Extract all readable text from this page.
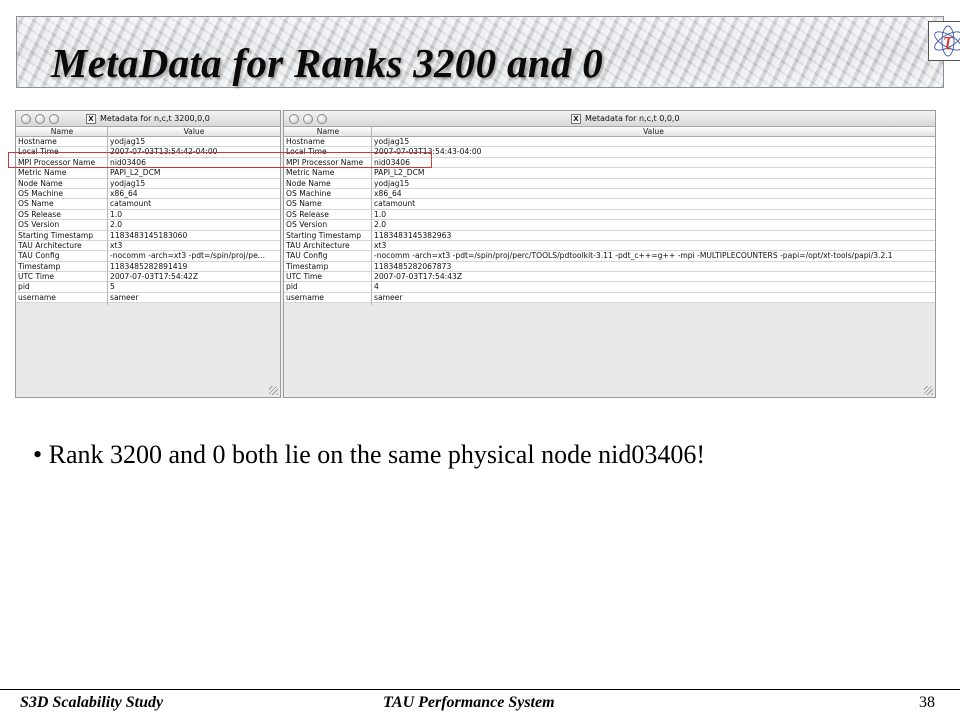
MetaData for Ranks 3200 and 0	τ
X Metadata for n,c,t 3200,0,0
Name	Value
Hostname	yodjag15
Local Time	2007-07-03T13:54:42-04:00
MPI Processor Name	nid03406
Metric Name	PAPI_L2_DCM
Node Name	yodjag15
OS Machine	x86_64
OS Name	catamount
OS Release	1.0
OS Version	2.0
Starting Timestamp	1183483145183060
TAU Architecture	xt3
TAU Config	-nocomm -arch=xt3 -pdt=/spin/proj/pe...
Timestamp	1183485282891419
UTC Time	2007-07-03T17:54:42Z
pid	5
username	sameer
X Metadata for n,c,t 0,0,0
Name	Value
Hostname	yodjag15
Local Time	2007-07-03T13:54:43-04:00
MPI Processor Name	nid03406
Metric Name	PAPI_L2_DCM
Node Name	yodjag15
OS Machine	x86_64
OS Name	catamount
OS Release	1.0
OS Version	2.0
Starting Timestamp	1183483145382963
TAU Architecture	xt3
TAU Config	-nocomm -arch=xt3 -pdt=/spin/proj/perc/TOOLS/pdtoolkit-3.11 -pdt_c++=g++ -mpi -MULTIPLECOUNTERS -papi=/opt/xt-tools/papi/3.2.1
Timestamp	1183485282067873
UTC Time	2007-07-03T17:54:43Z
pid	4
username	sameer
• Rank 3200 and 0 both lie on the same physical node nid03406!
S3D Scalability Study	TAU Performance System	38
